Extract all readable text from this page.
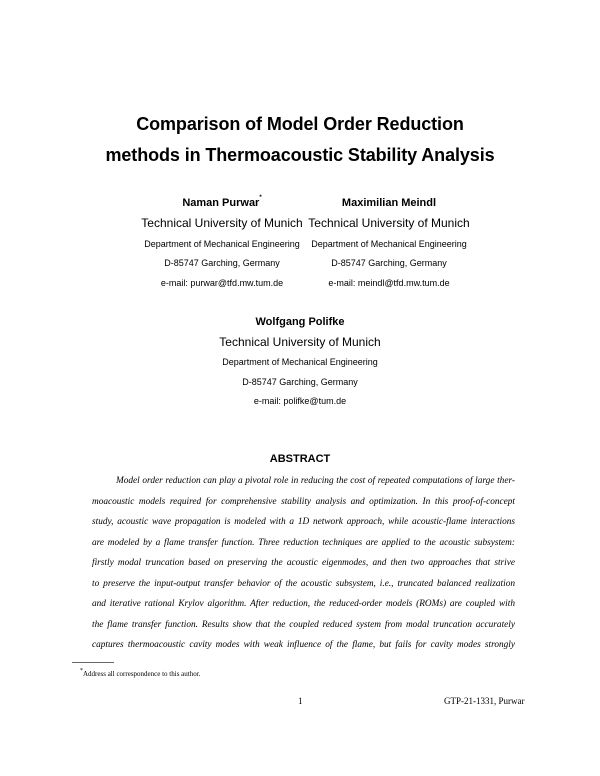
Comparison of Model Order Reduction
methods in Thermoacoustic Stability Analysis
Naman Purwar*
Technical University of Munich
Department of Mechanical Engineering
D-85747 Garching, Germany
e-mail: purwar@tfd.mw.tum.de
Maximilian Meindl
Technical University of Munich
Department of Mechanical Engineering
D-85747 Garching, Germany
e-mail: meindl@tfd.mw.tum.de
Wolfgang Polifke
Technical University of Munich
Department of Mechanical Engineering
D-85747 Garching, Germany
e-mail: polifke@tum.de
ABSTRACT
Model order reduction can play a pivotal role in reducing the cost of repeated computations of large ther-
moacoustic models required for comprehensive stability analysis and optimization. In this proof-of-concept
study, acoustic wave propagation is modeled with a 1D network approach, while acoustic-flame interactions
are modeled by a flame transfer function. Three reduction techniques are applied to the acoustic subsystem:
firstly modal truncation based on preserving the acoustic eigenmodes, and then two approaches that strive
to preserve the input-output transfer behavior of the acoustic subsystem, i.e., truncated balanced realization
and iterative rational Krylov algorithm. After reduction, the reduced-order models (ROMs) are coupled with
the flame transfer function. Results show that the coupled reduced system from modal truncation accurately
captures thermoacoustic cavity modes with weak influence of the flame, but fails for cavity modes strongly
*Address all correspondence to this author.
1	GTP-21-1331, Purwar
